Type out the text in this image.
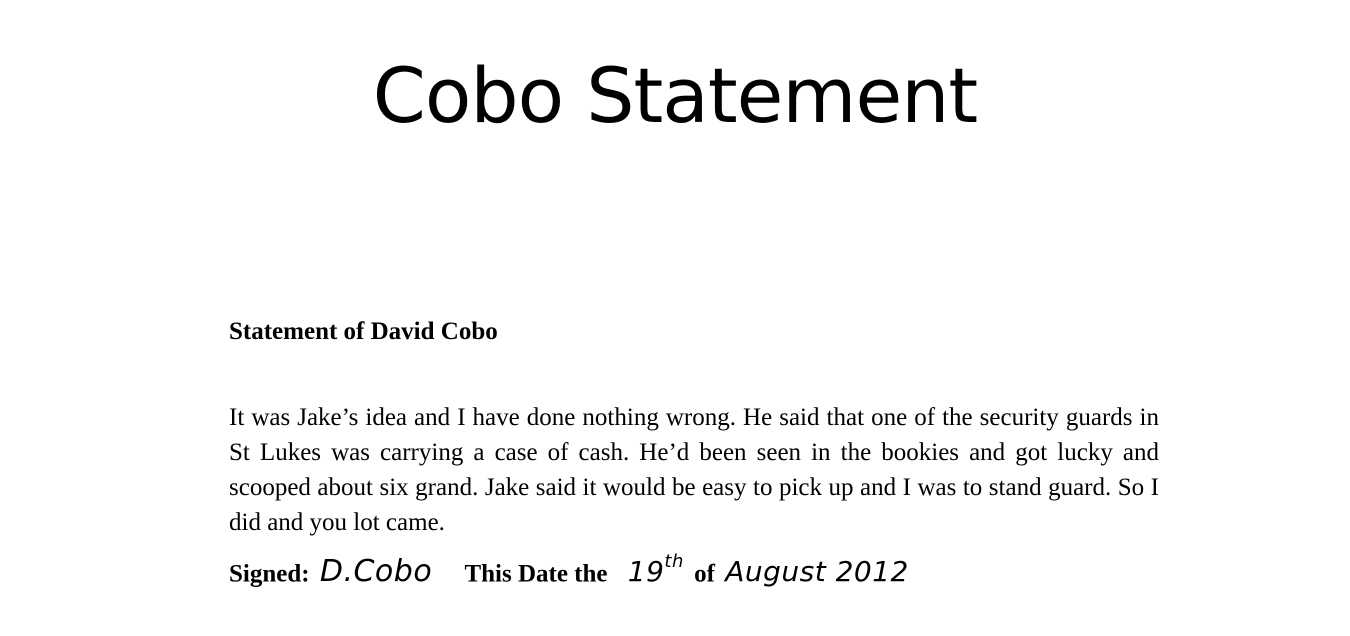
Cobo Statement

Statement of David Cobo

It was Jake’s idea and I have done nothing wrong. He said that one of the security guards in St Lukes was carrying a case of cash. He’d been seen in the bookies and got lucky and scooped about six grand. Jake said it would be easy to pick up and I was to stand guard. So I did and you lot came.

Signed: D.Cobo This Date the 19th of August 2012
